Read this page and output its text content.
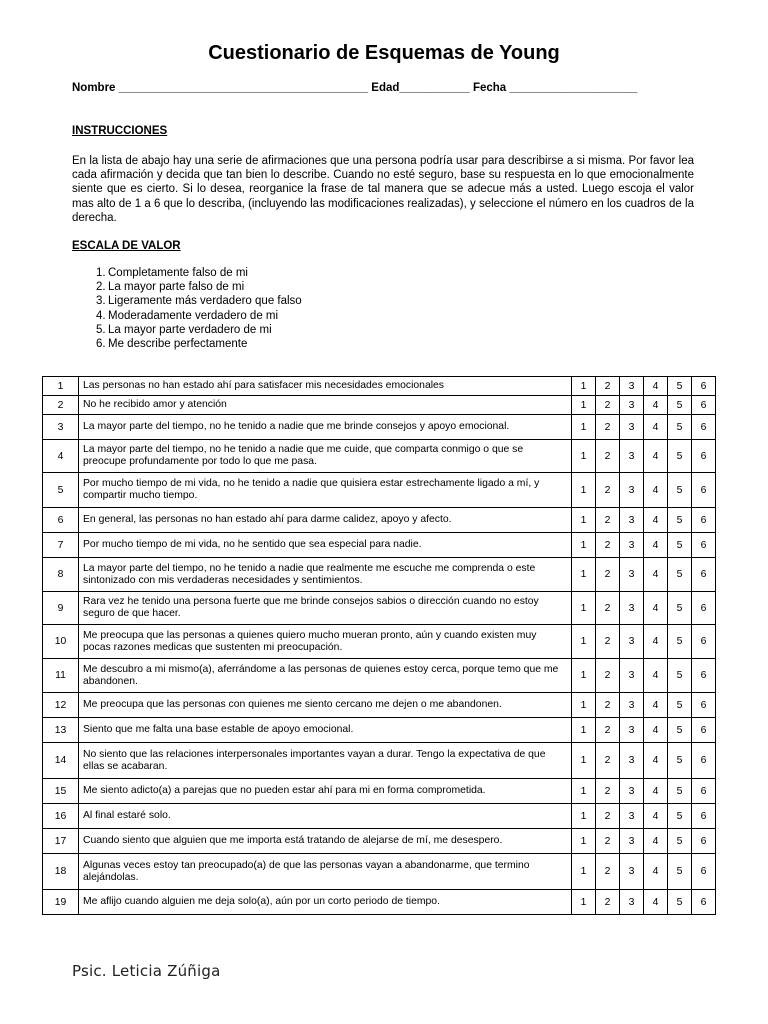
Cuestionario de Esquemas de Young
Nombre _______________________________________ Edad___________ Fecha ____________________
INSTRUCCIONES
En la lista de abajo hay una serie de afirmaciones que una persona podría usar para describirse a si misma. Por favor lea cada afirmación y decida que tan bien lo describe. Cuando no esté seguro, base su respuesta en lo que emocionalmente siente que es cierto. Si lo desea, reorganice la frase de tal manera que se adecue más a usted. Luego escoja el valor mas alto de 1 a 6 que lo describa, (incluyendo las modificaciones realizadas), y seleccione el número en los cuadros de la derecha.
ESCALA DE VALOR
1. Completamente falso de mi
2. La mayor parte falso de mi
3. Ligeramente más verdadero que falso
4. Moderadamente verdadero de mi
5. La mayor parte verdadero de mi
6. Me describe perfectamente
1	Las personas no han estado ahí para satisfacer mis necesidades emocionales	1	2	3	4	5	6
2	No he recibido amor y atención	1	2	3	4	5	6
3	La mayor parte del tiempo, no he tenido a nadie que me brinde consejos y apoyo emocional.	1	2	3	4	5	6
4	La mayor parte del tiempo, no he tenido a nadie que me cuide, que comparta conmigo o que se preocupe profundamente por todo lo que me pasa.	1	2	3	4	5	6
5	Por mucho tiempo de mi vida, no he tenido a nadie que quisiera estar estrechamente ligado a mí, y compartir mucho tiempo.	1	2	3	4	5	6
6	En general, las personas no han estado ahí para darme calidez, apoyo y afecto.	1	2	3	4	5	6
7	Por mucho tiempo de mi vida, no he sentido que sea especial para nadie.	1	2	3	4	5	6
8	La mayor parte del tiempo, no he tenido a nadie que realmente me escuche me comprenda o este sintonizado con mis verdaderas necesidades y sentimientos.	1	2	3	4	5	6
9	Rara vez he tenido una persona fuerte que me brinde consejos sabios o dirección cuando no estoy seguro de que hacer.	1	2	3	4	5	6
10	Me preocupa que las personas a quienes quiero mucho mueran pronto, aún y cuando existen muy pocas razones medicas que sustenten mi preocupación.	1	2	3	4	5	6
11	Me descubro a mi mismo(a), aferrándome a las personas de quienes estoy cerca, porque temo que me abandonen.	1	2	3	4	5	6
12	Me preocupa que las personas con quienes me siento cercano me dejen o me abandonen.	1	2	3	4	5	6
13	Siento que me falta una base estable de apoyo emocional.	1	2	3	4	5	6
14	No siento que las relaciones interpersonales importantes vayan a durar. Tengo la expectativa de que ellas se acabaran.	1	2	3	4	5	6
15	Me siento adicto(a) a parejas que no pueden estar ahí para mi en forma comprometida.	1	2	3	4	5	6
16	Al final estaré solo.	1	2	3	4	5	6
17	Cuando siento que alguien que me importa está tratando de alejarse de mí, me desespero.	1	2	3	4	5	6
18	Algunas veces estoy tan preocupado(a) de que las personas vayan a abandonarme, que termino alejándolas.	1	2	3	4	5	6
19	Me aflijo cuando alguien me deja solo(a), aún por un corto periodo de tiempo.	1	2	3	4	5	6
Psic. Leticia Zúñiga
